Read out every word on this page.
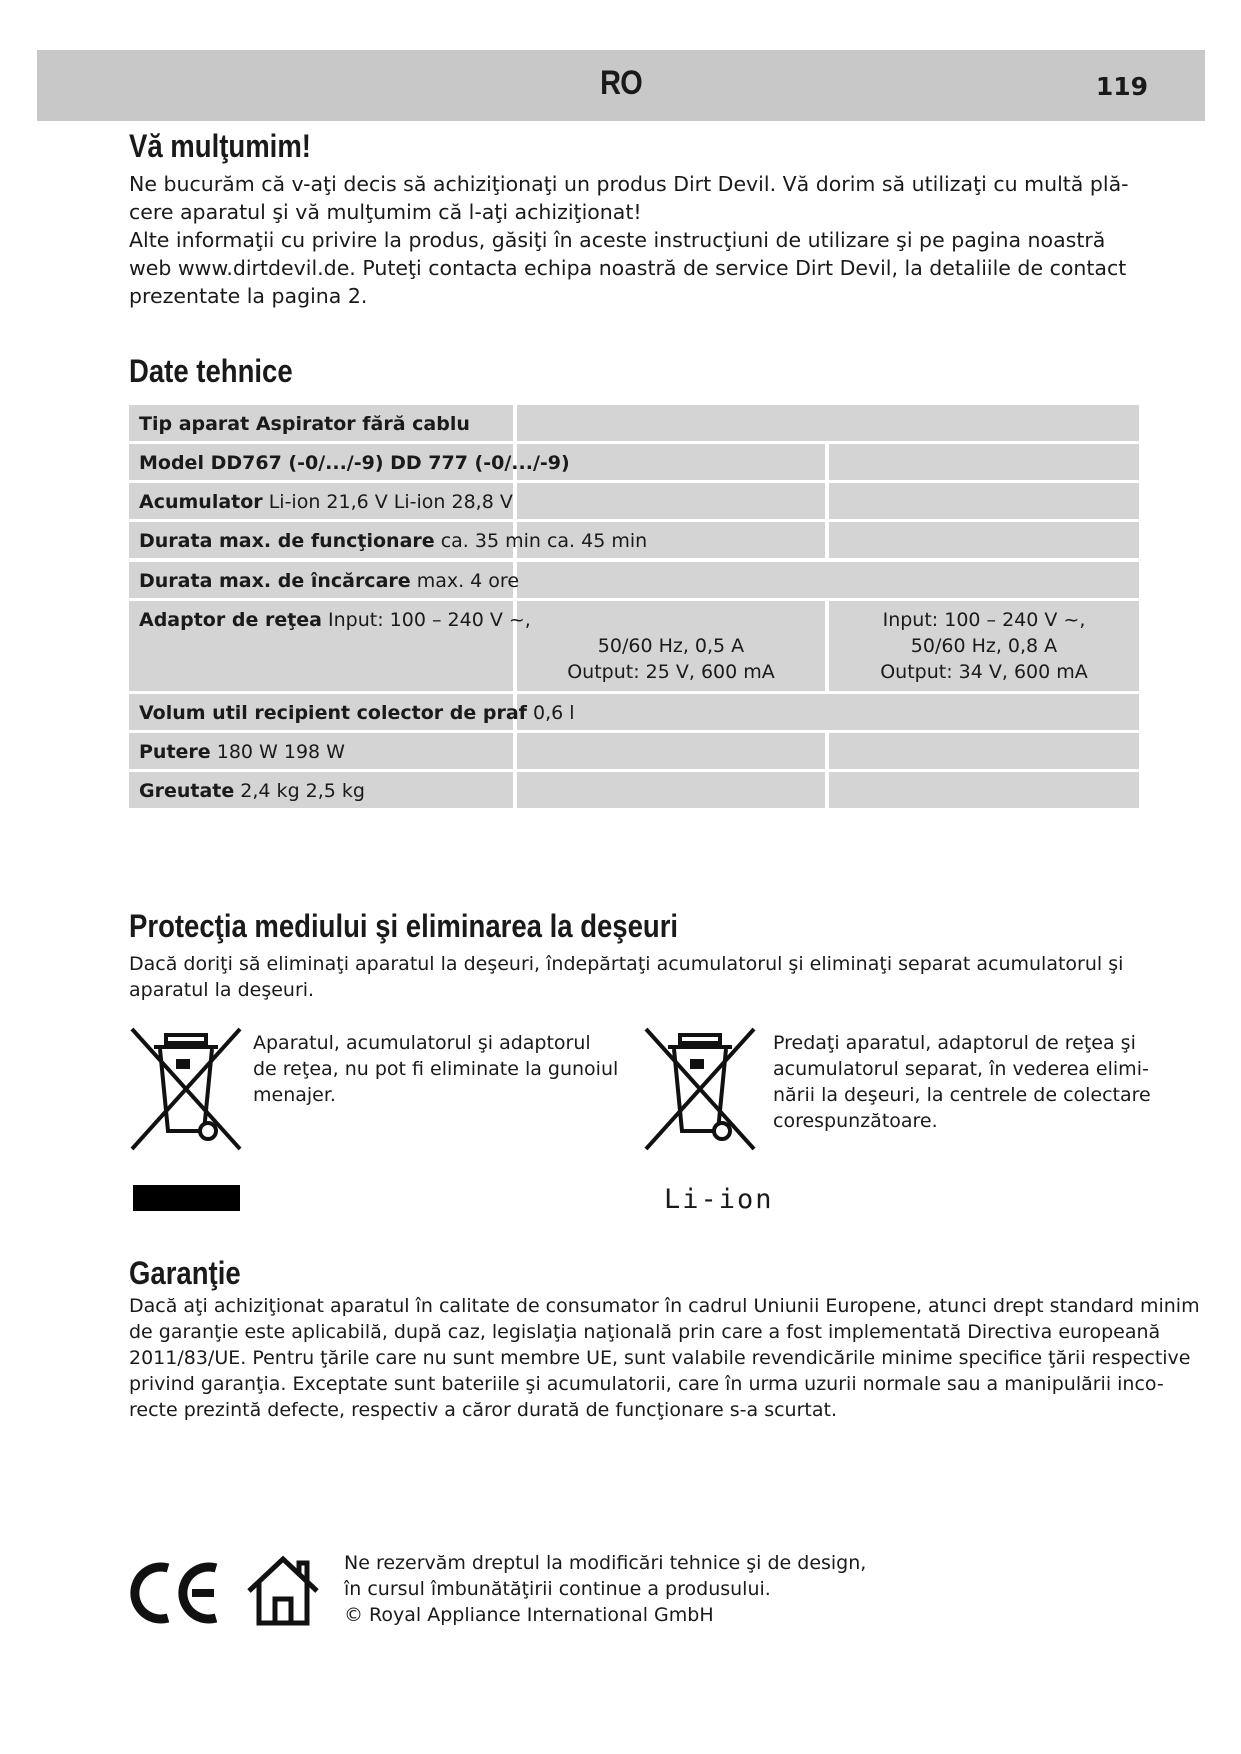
RO	119
Vă mulţumim!
Ne bucurăm că v-aţi decis să achiziţionaţi un produs Dirt Devil. Vă dorim să utilizaţi cu multă plă-
cere aparatul şi vă mulţumim că l-aţi achiziţionat!
Alte informaţii cu privire la produs, găsiţi în aceste instrucţiuni de utilizare şi pe pagina noastră
web www.dirtdevil.de. Puteţi contacta echipa noastră de service Dirt Devil, la detaliile de contact
prezentate la pagina 2.
Date tehnice
Tip aparat Aspirator fără cablu
Model DD767 (-0/.../-9) DD 777 (-0/.../-9)
Acumulator Li-ion 21,6 V Li-ion 28,8 V
Durata max. de funcţionare ca. 35 min ca. 45 min
Durata max. de încărcare max. 4 ore
Adaptor de reţea Input: 100 – 240 V ~,
50/60 Hz, 0,5 A
Output: 25 V, 600 mA
Input: 100 – 240 V ~,
50/60 Hz, 0,8 A
Output: 34 V, 600 mA
Volum util recipient colector de praf 0,6 l
Putere 180 W 198 W
Greutate 2,4 kg 2,5 kg
Protecţia mediului şi eliminarea la deşeuri
Dacă doriţi să eliminaţi aparatul la deşeuri, îndepărtaţi acumulatorul şi eliminaţi separat acumulatorul şi
aparatul la deşeuri.
Aparatul, acumulatorul şi adaptorul
de reţea, nu pot fi eliminate la gunoiul
menajer.
Predaţi aparatul, adaptorul de reţea şi
acumulatorul separat, în vederea elimi-
nării la deşeuri, la centrele de colectare
corespunzătoare.
Li-ion
Garanţie
Dacă aţi achiziţionat aparatul în calitate de consumator în cadrul Uniunii Europene, atunci drept standard minim
de garanţie este aplicabilă, după caz, legislaţia naţională prin care a fost implementată Directiva europeană
2011/83/UE. Pentru ţările care nu sunt membre UE, sunt valabile revendicările minime specifice ţării respective
privind garanţia. Exceptate sunt bateriile şi acumulatorii, care în urma uzurii normale sau a manipulării inco-
recte prezintă defecte, respectiv a căror durată de funcţionare s-a scurtat.
Ne rezervăm dreptul la modificări tehnice şi de design,
în cursul îmbunătăţirii continue a produsului.
© Royal Appliance International GmbH
